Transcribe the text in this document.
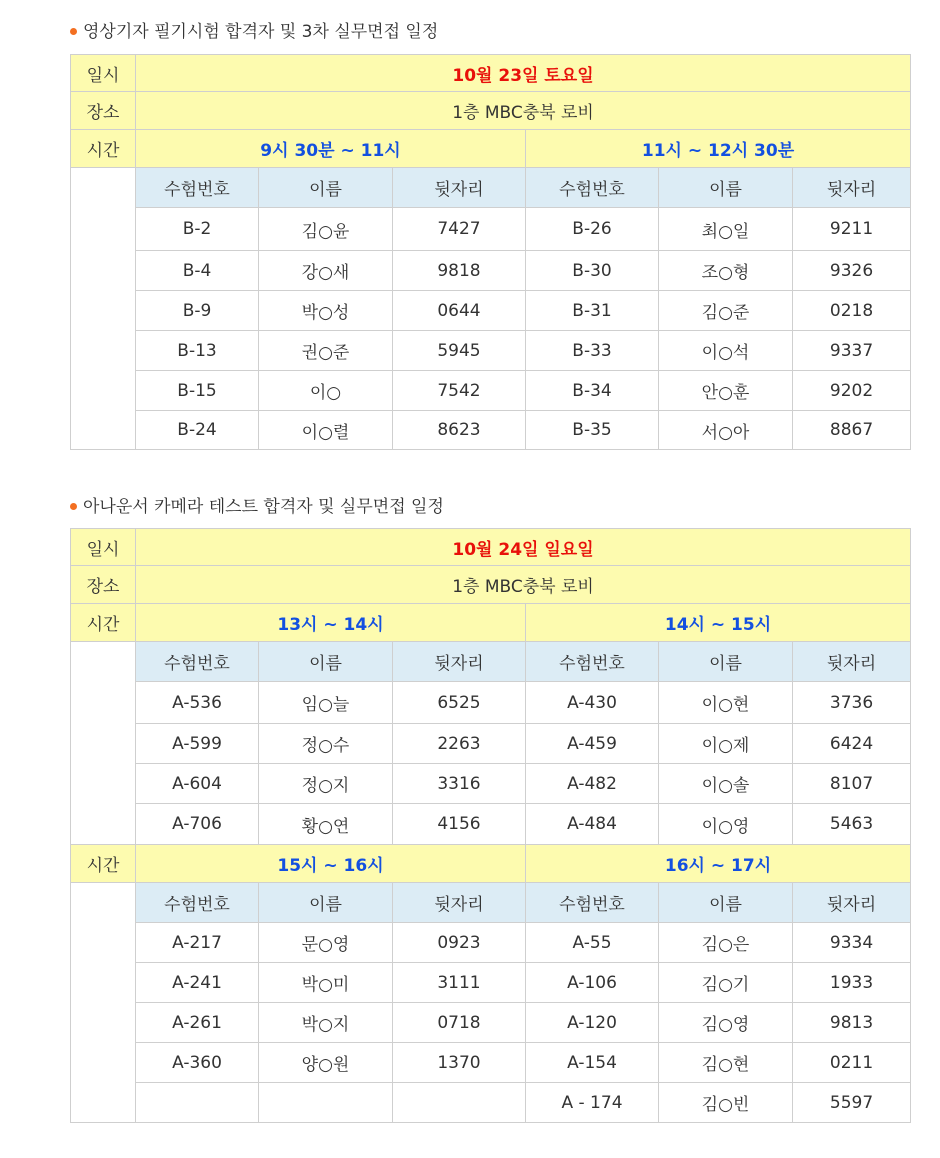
영상기자 필기시험 합격자 및 3차 실무면접 일정
일시	10월 23일 토요일					
장소	1층 MBC충북 로비					
시간	9시 30분 ~ 11시			11시 ~ 12시 30분		
	수험번호	이름	뒷자리	수험번호	이름	뒷자리
	B-2	김○윤	7427	B-26	최○일	9211
	B-4	강○새	9818	B-30	조○형	9326
	B-9	박○성	0644	B-31	김○준	0218
	B-13	권○준	5945	B-33	이○석	9337
	B-15	이○	7542	B-34	안○훈	9202
	B-24	이○렬	8623	B-35	서○아	8867
아나운서 카메라 테스트 합격자 및 실무면접 일정
일시	10월 24일 일요일					
장소	1층 MBC충북 로비					
시간	13시 ~ 14시			14시 ~ 15시		
	수험번호	이름	뒷자리	수험번호	이름	뒷자리
	A-536	임○늘	6525	A-430	이○현	3736
	A-599	정○수	2263	A-459	이○제	6424
	A-604	정○지	3316	A-482	이○솔	8107
	A-706	황○연	4156	A-484	이○영	5463
시간	15시 ~ 16시			16시 ~ 17시		
	수험번호	이름	뒷자리	수험번호	이름	뒷자리
	A-217	문○영	0923	A-55	김○은	9334
	A-241	박○미	3111	A-106	김○기	1933
	A-261	박○지	0718	A-120	김○영	9813
	A-360	양○원	1370	A-154	김○현	0211
				A - 174	김○빈	5597
